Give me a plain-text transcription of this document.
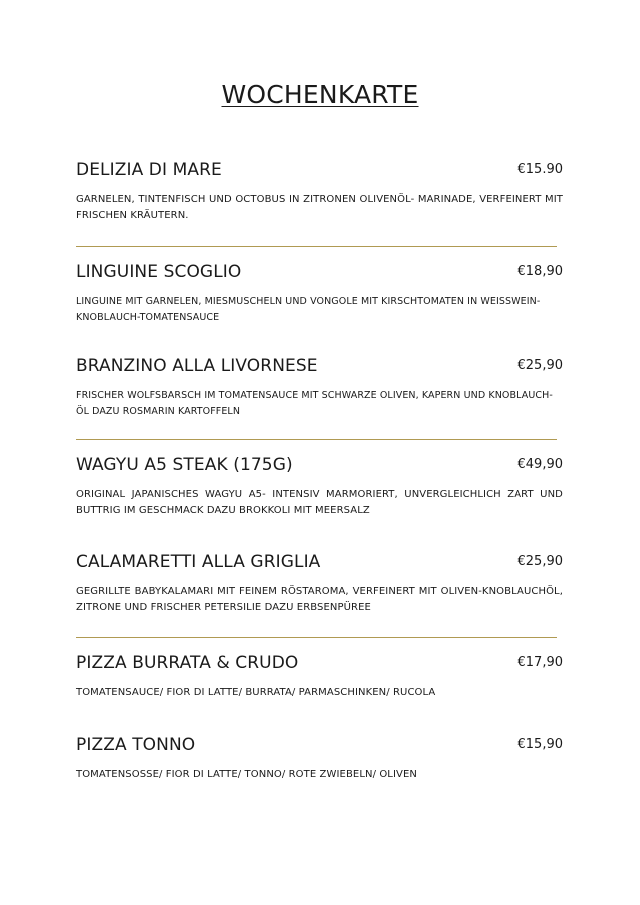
WOCHENKARTE
DELIZIA DI MARE	€15.90
GARNELEN, TINTENFISCH UND OCTOBUS IN ZITRONEN OLIVENÖL- MARINADE, VERFEINERT MIT FRISCHEN KRÄUTERN.
LINGUINE SCOGLIO	€18,90
LINGUINE MIT GARNELEN, MIESMUSCHELN UND VONGOLE MIT KIRSCHTOMATEN IN WEISSWEIN-KNOBLAUCH-TOMATENSAUCE
BRANZINO ALLA LIVORNESE	€25,90
FRISCHER WOLFSBARSCH IM TOMATENSAUCE MIT SCHWARZE OLIVEN, KAPERN UND KNOBLAUCH-ÖL DAZU ROSMARIN KARTOFFELN
WAGYU A5 STEAK (175G)	€49,90
ORIGINAL JAPANISCHES WAGYU A5- INTENSIV MARMORIERT, UNVERGLEICHLICH ZART UND BUTTRIG IM GESCHMACK DAZU BROKKOLI MIT MEERSALZ
CALAMARETTI ALLA GRIGLIA	€25,90
GEGRILLTE BABYKALAMARI MIT FEINEM RÖSTAROMA, VERFEINERT MIT OLIVEN-KNOBLAUCHÖL, ZITRONE UND FRISCHER PETERSILIE DAZU ERBSENPÜREE
PIZZA BURRATA & CRUDO	€17,90
TOMATENSAUCE/ FIOR DI LATTE/ BURRATA/ PARMASCHINKEN/ RUCOLA
PIZZA TONNO	€15,90
TOMATENSOSSE/ FIOR DI LATTE/ TONNO/ ROTE ZWIEBELN/ OLIVEN
